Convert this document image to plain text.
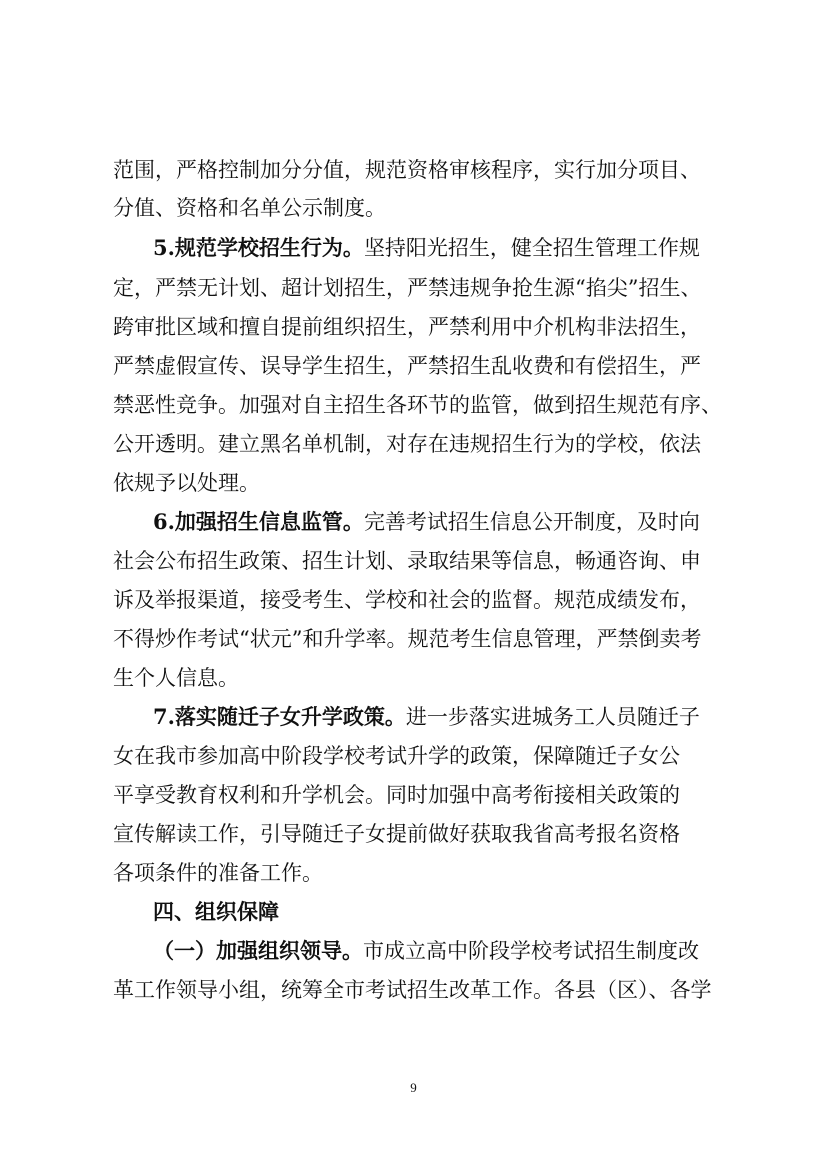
范围，严格控制加分分值，规范资格审核程序，实行加分项目、
分值、资格和名单公示制度。
5.规范学校招生行为。坚持阳光招生，健全招生管理工作规
定，严禁无计划、超计划招生，严禁违规争抢生源“掐尖”招生、
跨审批区域和擅自提前组织招生，严禁利用中介机构非法招生，
严禁虚假宣传、误导学生招生，严禁招生乱收费和有偿招生，严
禁恶性竞争。加强对自主招生各环节的监管，做到招生规范有序、
公开透明。建立黑名单机制，对存在违规招生行为的学校，依法
依规予以处理。
6.加强招生信息监管。完善考试招生信息公开制度，及时向
社会公布招生政策、招生计划、录取结果等信息，畅通咨询、申
诉及举报渠道，接受考生、学校和社会的监督。规范成绩发布，
不得炒作考试“状元”和升学率。规范考生信息管理，严禁倒卖考
生个人信息。
7.落实随迁子女升学政策。进一步落实进城务工人员随迁子
女在我市参加高中阶段学校考试升学的政策，保障随迁子女公
平享受教育权利和升学机会。同时加强中高考衔接相关政策的
宣传解读工作，引导随迁子女提前做好获取我省高考报名资格
各项条件的准备工作。
四、组织保障
（一）加强组织领导。市成立高中阶段学校考试招生制度改
革工作领导小组，统筹全市考试招生改革工作。各县（区）、各学
9
